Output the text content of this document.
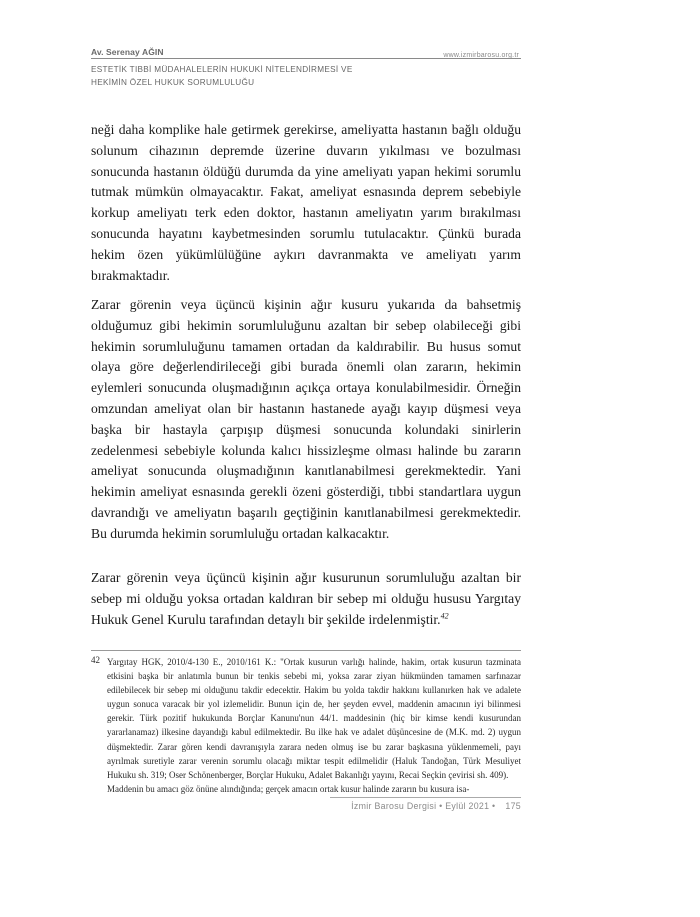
Av. Serenay AĞIN	www.izmirbarosu.org.tr
ESTETİK TIBBİ MÜDAHALELERİN HUKUKİ NİTELENDİRMESİ VE
HEKİMİN ÖZEL HUKUK SORUMLULUĞU

neği daha komplike hale getirmek gerekirse, ameliyatta hastanın bağlı olduğu solunum cihazının depremde üzerine duvarın yıkılması ve bozulması sonucunda hastanın öldüğü durumda da yine ameliyatı yapan hekimi sorumlu tutmak mümkün olmayacaktır. Fakat, ameliyat esnasında deprem sebebiyle korkup ameliyatı terk eden doktor, hastanın ameliyatın yarım bırakılması sonucunda hayatını kaybetmesinden sorumlu tutulacaktır. Çünkü burada hekim özen yükümlülüğüne aykırı davranmakta ve ameliyatı yarım bırakmaktadır.

Zarar görenin veya üçüncü kişinin ağır kusuru yukarıda da bahsetmiş olduğumuz gibi hekimin sorumluluğunu azaltan bir sebep olabileceği gibi hekimin sorumluluğunu tamamen ortadan da kaldırabilir. Bu husus somut olaya göre değerlendirileceği gibi burada önemli olan zararın, hekimin eylemleri sonucunda oluşmadığının açıkça ortaya konulabilmesidir. Örneğin omzundan ameliyat olan bir hastanın hastanede ayağı kayıp düşmesi veya başka bir hastayla çarpışıp düşmesi sonucunda kolundaki sinirlerin zedelenmesi sebebiyle kolunda kalıcı hissizleşme olması halinde bu zararın ameliyat sonucunda oluşmadığının kanıtlanabilmesi gerekmektedir. Yani hekimin ameliyat esnasında gerekli özeni gösterdiği, tıbbi standartlara uygun davrandığı ve ameliyatın başarılı geçtiğinin kanıtlanabilmesi gerekmektedir. Bu durumda hekimin sorumluluğu ortadan kalkacaktır.

Zarar görenin veya üçüncü kişinin ağır kusurunun sorumluluğu azaltan bir sebep mi olduğu yoksa ortadan kaldıran bir sebep mi olduğu hususu Yargıtay Hukuk Genel Kurulu tarafından detaylı bir şekilde irdelenmiştir.$^{42}$

42 Yargıtay HGK, 2010/4-130 E., 2010/161 K.: "Ortak kusurun varlığı halinde, hakim, ortak kusurun tazminata etkisini başka bir anlatımla bunun bir tenkis sebebi mi, yoksa zarar ziyan hükmünden tamamen sarfınazar edilebilecek bir sebep mi olduğunu takdir edecektir. Hakim bu yolda takdir hakkını kullanırken hak ve adalete uygun sonuca varacak bir yol izlemelidir. Bunun için de, her şeyden evvel, maddenin amacının iyi bilinmesi gerekir. Türk pozitif hukukunda Borçlar Kanunu'nun 44/1. maddesinin (hiç bir kimse kendi kusurundan yararlanamaz) ilkesine dayandığı kabul edilmektedir. Bu ilke hak ve adalet düşüncesine de (M.K. md. 2) uygun düşmektedir. Zarar gören kendi davranışıyla zarara neden olmuş ise bu zarar başkasına yüklenmemeli, payı ayrılmak suretiyle zarar verenin sorumlu olacağı miktar tespit edilmelidir (Haluk Tandoğan, Türk Mesuliyet Hukuku sh. 319; Oser Schönenberger, Borçlar Hukuku, Adalet Bakanlığı yayını, Recai Seçkin çevirisi sh. 409).

Maddenin bu amacı göz önüne alındığında; gerçek amacın ortak kusur halinde zararın bu kusura isa-

İzmir Barosu Dergisi • Eylül 2021 • 175
